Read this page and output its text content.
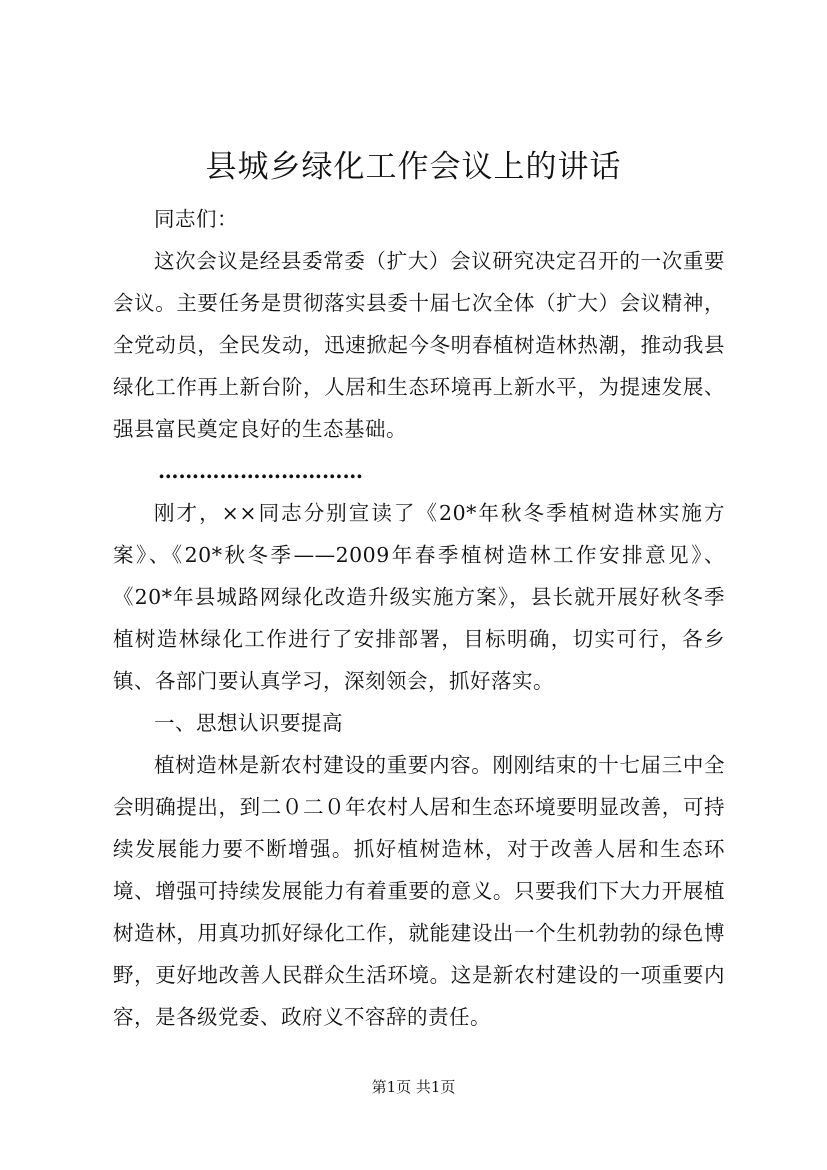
县城乡绿化工作会议上的讲话

同志们：

这次会议是经县委常委（扩大）会议研究决定召开的一次重要会议。主要任务是贯彻落实县委十届七次全体（扩大）会议精神，全党动员，全民发动，迅速掀起今冬明春植树造林热潮，推动我县绿化工作再上新台阶，人居和生态环境再上新水平，为提速发展、强县富民奠定良好的生态基础。

…………………………

刚才，××同志分别宣读了《20*年秋冬季植树造林实施方案》、《20*秋冬季——2009年春季植树造林工作安排意见》、《20*年县城路网绿化改造升级实施方案》，县长就开展好秋冬季植树造林绿化工作进行了安排部署，目标明确，切实可行，各乡镇、各部门要认真学习，深刻领会，抓好落实。

一、思想认识要提高

植树造林是新农村建设的重要内容。刚刚结束的十七届三中全会明确提出，到二０二０年农村人居和生态环境要明显改善，可持续发展能力要不断增强。抓好植树造林，对于改善人居和生态环境、增强可持续发展能力有着重要的意义。只要我们下大力开展植树造林，用真功抓好绿化工作，就能建设出一个生机勃勃的绿色博野，更好地改善人民群众生活环境。这是新农村建设的一项重要内容，是各级党委、政府义不容辞的责任。

第1页 共1页
